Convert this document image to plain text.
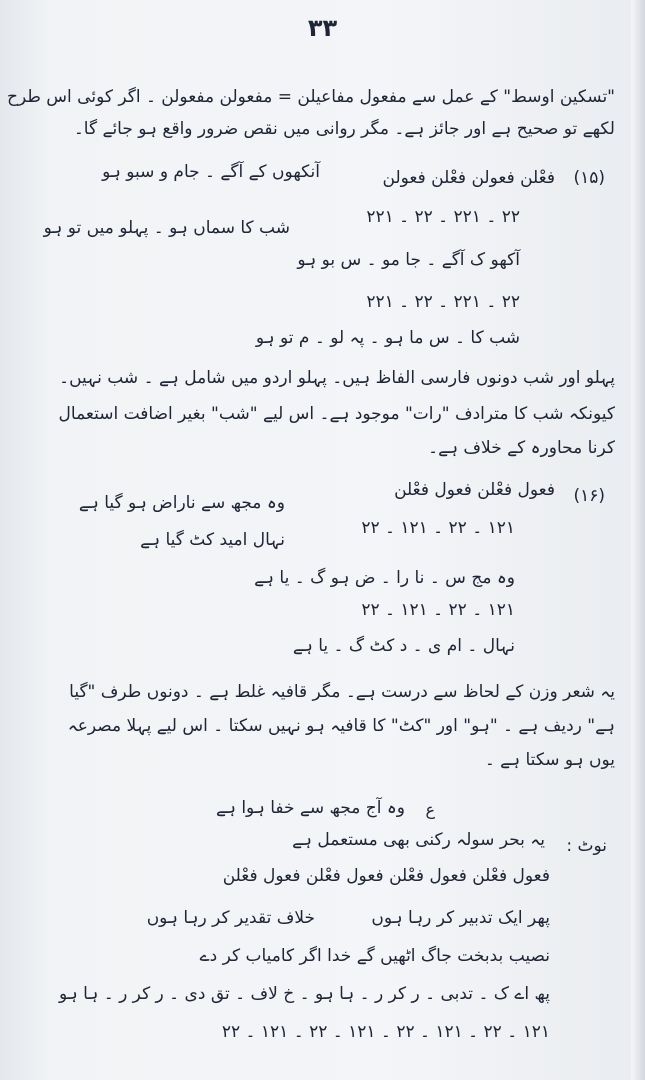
۳۳
"تسکین اوسط" کے عمل سے مفعول مفاعیلن = مفعولن مفعولن ۔ اگر کوئی اس طرح
لکھے تو صحیح ہے اور جائز ہے۔ مگر روانی میں نقص ضرور واقع ہو جائے گا۔
(۱۵)
فعْلن فعولن فعْلن فعولن
آنکھوں کے آگے ۔ جام و سبو ہو
شب کا سماں ہو ۔ پہلو میں تو ہو
۲۲ ۔ ۲۲۱ ۔ ۲۲ ۔ ۲۲۱
آکھو ک آگے ۔ جا مو ۔ س بو ہو
۲۲ ۔ ۲۲۱ ۔ ۲۲ ۔ ۲۲۱
شب کا ۔ س ما ہو ۔ پہ لو ۔ م تو ہو
پہلو اور شب دونوں فارسی الفاظ ہیں۔ پہلو اردو میں شامل ہے ۔ شب نہیں۔
کیونکہ شب کا مترادف "رات" موجود ہے۔ اس لیے "شب" بغیر اضافت استعمال
کرنا محاورہ کے خلاف ہے۔
(۱۶)
فعول فعْلن فعول فعْلن
وہ مجھ سے ناراض ہو گیا ہے
نہال امید کٹ گیا ہے
۱۲۱ ۔ ۲۲ ۔ ۱۲۱ ۔ ۲۲
وہ مج س ۔ نا را ۔ ض ہو گ ۔ یا ہے
۱۲۱ ۔ ۲۲ ۔ ۱۲۱ ۔ ۲۲
نہال ۔ ام ی ۔ د کٹ گ ۔ یا ہے
یہ شعر وزن کے لحاظ سے درست ہے۔ مگر قافیہ غلط ہے ۔ دونوں طرف "گیا
ہے" ردیف ہے ۔ "ہو" اور "کٹ" کا قافیہ ہو نہیں سکتا ۔ اس لیے پہلا مصرعہ
یوں ہو سکتا ہے ۔
ع
وہ آج مجھ سے خفا ہوا ہے
نوٹ :
یہ بحر سولہ رکنی بھی مستعمل ہے
فعول فعْلن فعول فعْلن فعول فعْلن فعول فعْلن
پھر ایک تدبیر کر رہا ہوں
خلاف تقدیر کر رہا ہوں
نصیب بدبخت جاگ اٹھیں گے خدا اگر کامیاب کر دے
پھ اے ک ۔ تدبی ۔ ر کر ر ۔ ہا ہو ۔ خ لاف ۔ تق دی ۔ ر کر ر ۔ ہا ہو
۱۲۱ ۔ ۲۲ ۔ ۱۲۱ ۔ ۲۲ ۔ ۱۲۱ ۔ ۲۲ ۔ ۱۲۱ ۔ ۲۲
